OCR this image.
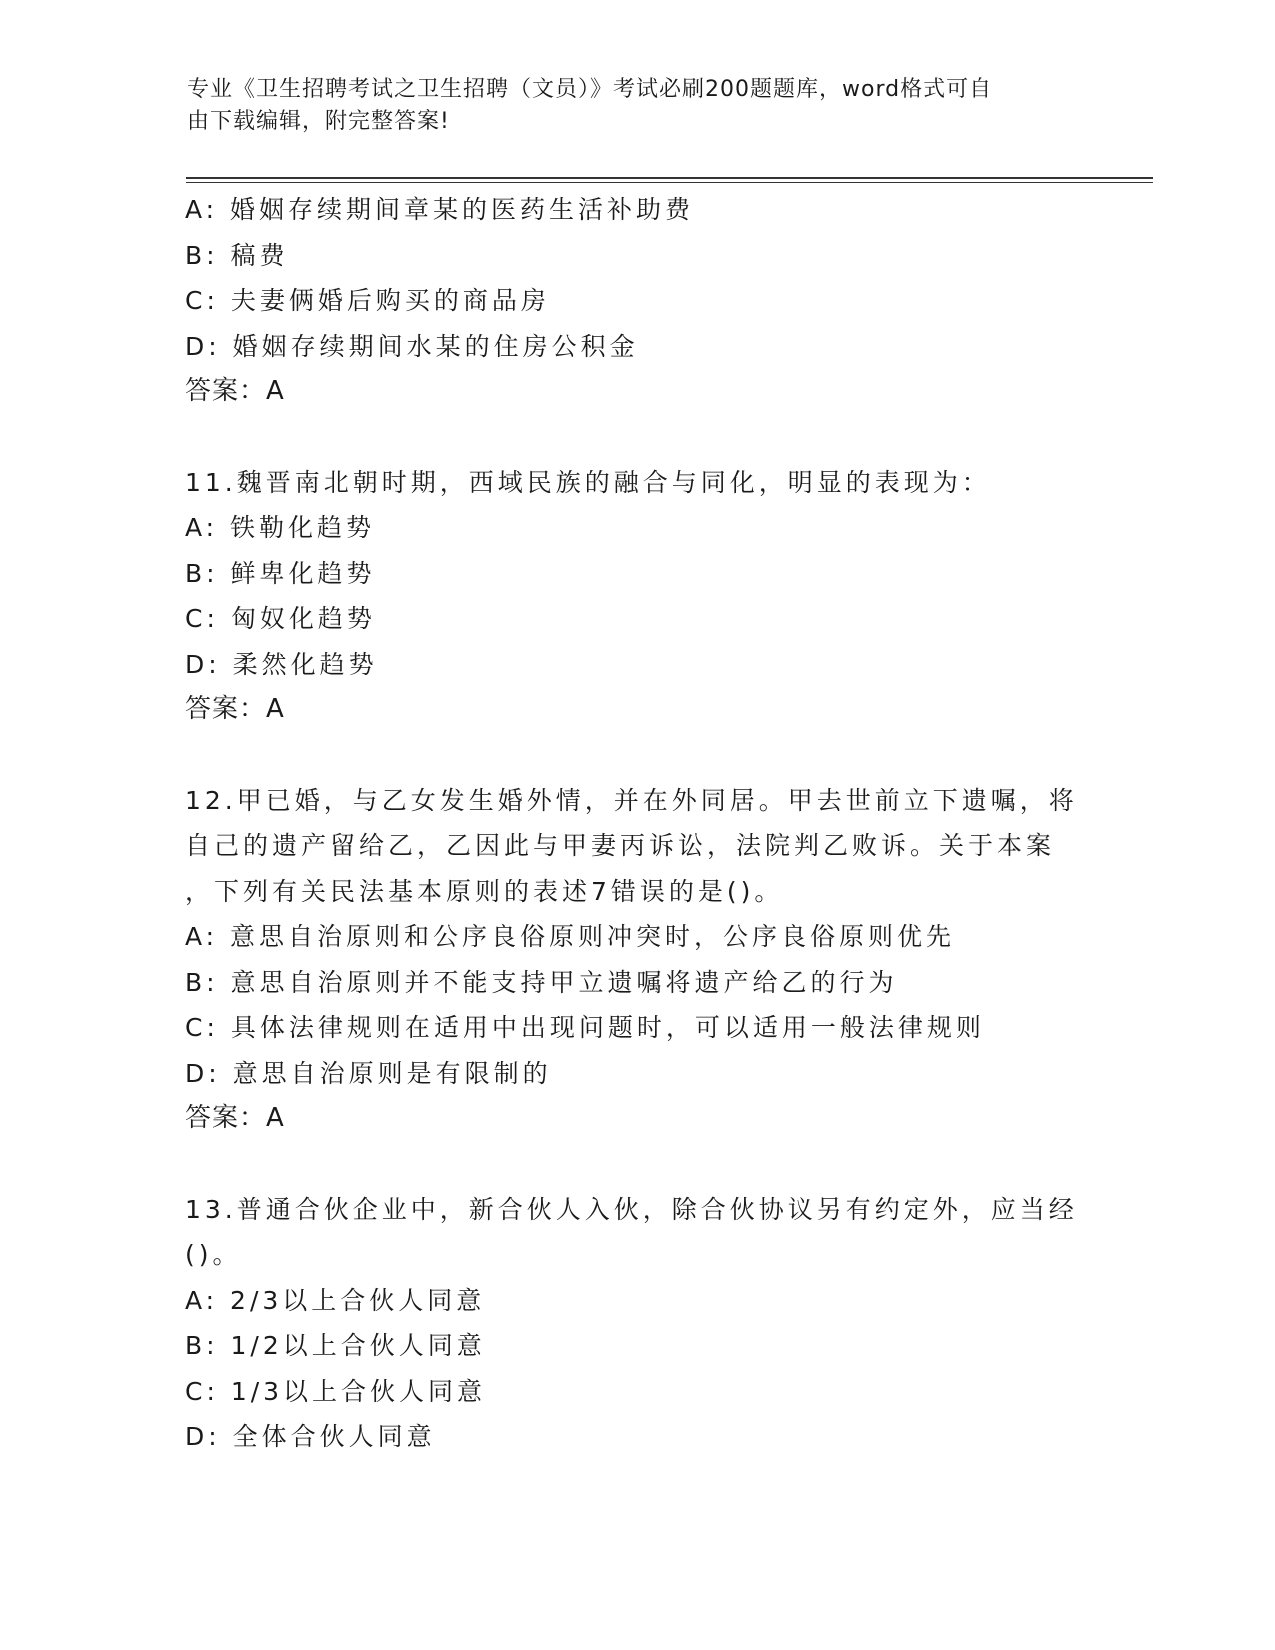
专业《卫生招聘考试之卫生招聘（文员）》考试必刷200题题库，word格式可自
由下载编辑，附完整答案!

A: 婚姻存续期间章某的医药生活补助费

B: 稿费

C: 夫妻俩婚后购买的商品房

D: 婚姻存续期间水某的住房公积金

答案：A

11.魏晋南北朝时期，西域民族的融合与同化，明显的表现为：

A: 铁勒化趋势

B: 鲜卑化趋势

C: 匈奴化趋势

D: 柔然化趋势

答案：A

12.甲已婚，与乙女发生婚外情，并在外同居。甲去世前立下遗嘱，将

自己的遗产留给乙，乙因此与甲妻丙诉讼，法院判乙败诉。关于本案

，下列有关民法基本原则的表述7错误的是()。

A: 意思自治原则和公序良俗原则冲突时，公序良俗原则优先

B: 意思自治原则并不能支持甲立遗嘱将遗产给乙的行为

C: 具体法律规则在适用中出现问题时，可以适用一般法律规则

D: 意思自治原则是有限制的

答案：A

13.普通合伙企业中，新合伙人入伙，除合伙协议另有约定外，应当经

()。

A: 2/3以上合伙人同意

B: 1/2以上合伙人同意

C: 1/3以上合伙人同意

D: 全体合伙人同意
